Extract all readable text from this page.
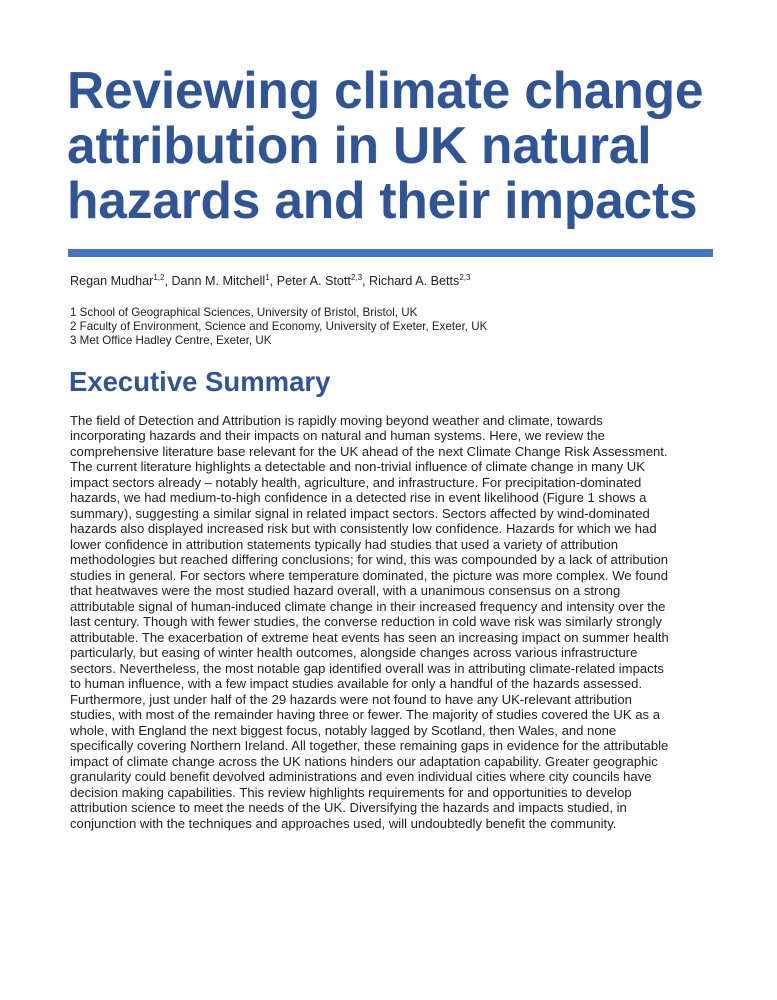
Reviewing climate change
attribution in UK natural
hazards and their impacts
Regan Mudhar$^{1,2}$, Dann M. Mitchell$^1$, Peter A. Stott$^{2,3}$, Richard A. Betts$^{2,3}$
1 School of Geographical Sciences, University of Bristol, Bristol, UK
2 Faculty of Environment, Science and Economy, University of Exeter, Exeter, UK
3 Met Office Hadley Centre, Exeter, UK
Executive Summary
The field of Detection and Attribution is rapidly moving beyond weather and climate, towards
incorporating hazards and their impacts on natural and human systems. Here, we review the
comprehensive literature base relevant for the UK ahead of the next Climate Change Risk Assessment.
The current literature highlights a detectable and non-trivial influence of climate change in many UK
impact sectors already – notably health, agriculture, and infrastructure. For precipitation-dominated
hazards, we had medium-to-high confidence in a detected rise in event likelihood (Figure 1 shows a
summary), suggesting a similar signal in related impact sectors. Sectors affected by wind-dominated
hazards also displayed increased risk but with consistently low confidence. Hazards for which we had
lower confidence in attribution statements typically had studies that used a variety of attribution
methodologies but reached differing conclusions; for wind, this was compounded by a lack of attribution
studies in general. For sectors where temperature dominated, the picture was more complex. We found
that heatwaves were the most studied hazard overall, with a unanimous consensus on a strong
attributable signal of human-induced climate change in their increased frequency and intensity over the
last century. Though with fewer studies, the converse reduction in cold wave risk was similarly strongly
attributable. The exacerbation of extreme heat events has seen an increasing impact on summer health
particularly, but easing of winter health outcomes, alongside changes across various infrastructure
sectors. Nevertheless, the most notable gap identified overall was in attributing climate-related impacts
to human influence, with a few impact studies available for only a handful of the hazards assessed.
Furthermore, just under half of the 29 hazards were not found to have any UK-relevant attribution
studies, with most of the remainder having three or fewer. The majority of studies covered the UK as a
whole, with England the next biggest focus, notably lagged by Scotland, then Wales, and none
specifically covering Northern Ireland. All together, these remaining gaps in evidence for the attributable
impact of climate change across the UK nations hinders our adaptation capability. Greater geographic
granularity could benefit devolved administrations and even individual cities where city councils have
decision making capabilities. This review highlights requirements for and opportunities to develop
attribution science to meet the needs of the UK. Diversifying the hazards and impacts studied, in
conjunction with the techniques and approaches used, will undoubtedly benefit the community.
